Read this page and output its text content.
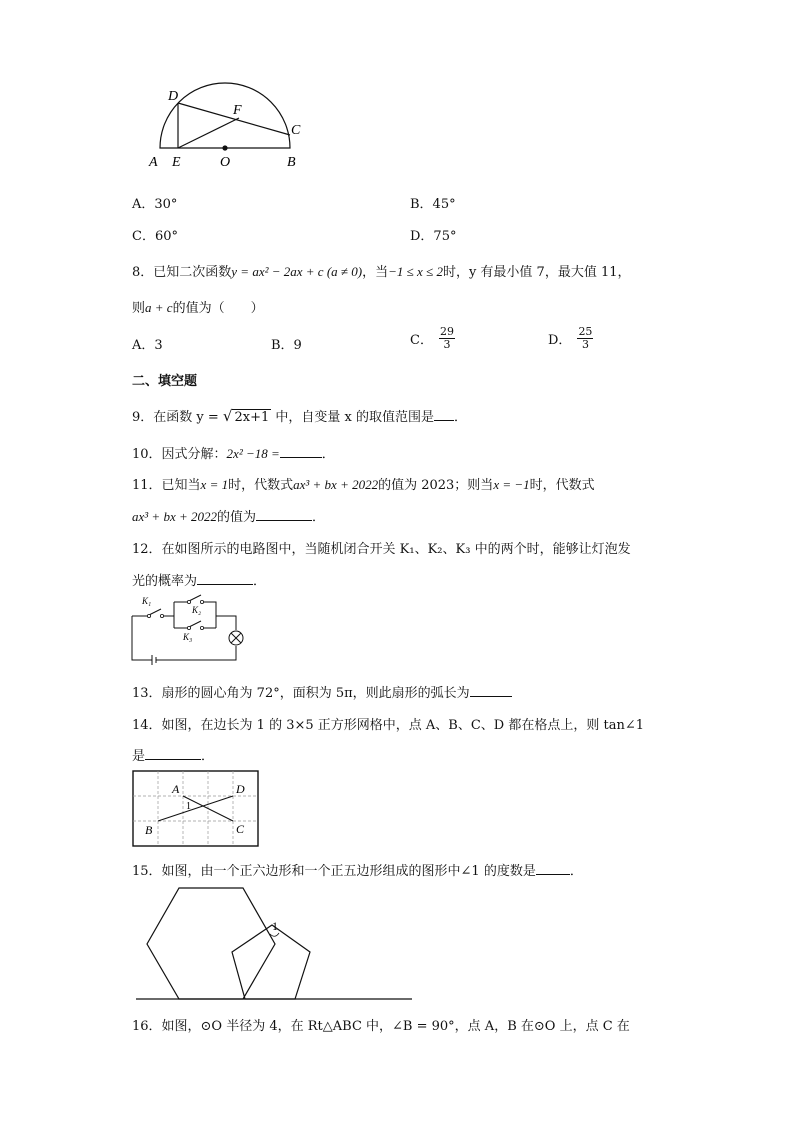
D
F
C
A E	O	B
A．30°	B．45°
C．60°	D．75°
8．已知二次函数y = ax² − 2ax + c (a ≠ 0)，当−1 ≤ x ≤ 2时，y 有最小值 7，最大值 11，
则a + c的值为（　　）
A．3	B．9	C． $\frac{29}{3}$	D． $\frac{25}{3}$
二、填空题
9．在函数 y = √ 2x+1 中，自变量 x 的取值范围是 ．
10．因式分解：2x² −18 =	．
11．已知当x = 1时，代数式ax³ + bx + 2022的值为 2023；则当x = −1时，代数式
ax³ + bx + 2022的值为	．
12．在如图所示的电路图中，当随机闭合开关 K₁、K₂、K₃ 中的两个时，能够让灯泡发
光的概率为	．
K₁
K₂
K₃
13．扇形的圆心角为 72°，面积为 5π，则此扇形的弧长为
14．如图，在边长为 1 的 3×5 正方形网格中，点 A、B、C、D 都在格点上，则 tan∠1
是	．
A	D
B	C
1
15．如图，由一个正六边形和一个正五边形组成的图形中∠1 的度数是	．
1
16．如图，⊙O 半径为 4，在 Rt△ABC 中，∠B = 90°，点 A，B 在⊙O 上，点 C 在
